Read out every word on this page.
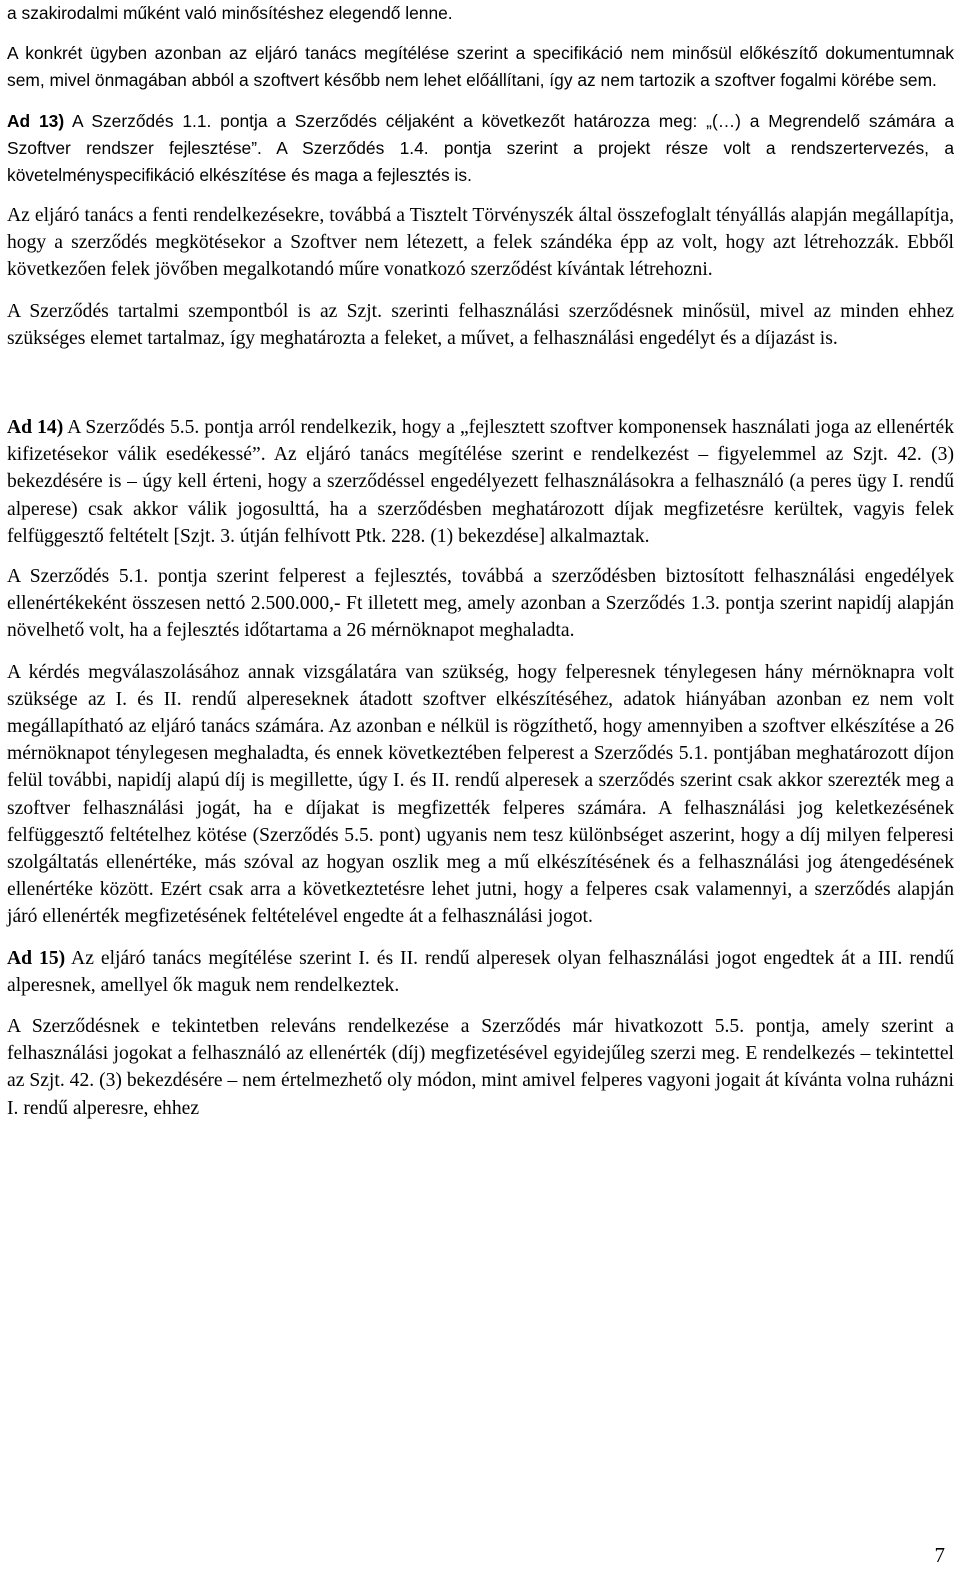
a szakirodalmi műként való minősítéshez elegendő lenne.

A konkrét ügyben azonban az eljáró tanács megítélése szerint a specifikáció nem minősül előkészítő dokumentumnak sem, mivel önmagában abból a szoftvert később nem lehet előállítani, így az nem tartozik a szoftver fogalmi körébe sem.

Ad 13) A Szerződés 1.1. pontja a Szerződés céljaként a következőt határozza meg: „(…) a Megrendelő számára a Szoftver rendszer fejlesztése”. A Szerződés 1.4. pontja szerint a projekt része volt a rendszertervezés, a követelményspecifikáció elkészítése és maga a fejlesztés is.

Az eljáró tanács a fenti rendelkezésekre, továbbá a Tisztelt Törvényszék által összefoglalt tényállás alapján megállapítja, hogy a szerződés megkötésekor a Szoftver nem létezett, a felek szándéka épp az volt, hogy azt létrehozzák. Ebből következően felek jövőben megalkotandó műre vonatkozó szerződést kívántak létrehozni.

A Szerződés tartalmi szempontból is az Szjt. szerinti felhasználási szerződésnek minősül, mivel az minden ehhez szükséges elemet tartalmaz, így meghatározta a feleket, a művet, a felhasználási engedélyt és a díjazást is.

Ad 14) A Szerződés 5.5. pontja arról rendelkezik, hogy a „fejlesztett szoftver komponensek használati joga az ellenérték kifizetésekor válik esedékessé”. Az eljáró tanács megítélése szerint e rendelkezést – figyelemmel az Szjt. 42. (3) bekezdésére is – úgy kell érteni, hogy a szerződéssel engedélyezett felhasználásokra a felhasználó (a peres ügy I. rendű alperese) csak akkor válik jogosulttá, ha a szerződésben meghatározott díjak megfizetésre kerültek, vagyis felek felfüggesztő feltételt [Szjt. 3. útján felhívott Ptk. 228. (1) bekezdése] alkalmaztak.

A Szerződés 5.1. pontja szerint felperest a fejlesztés, továbbá a szerződésben biztosított felhasználási engedélyek ellenértékeként összesen nettó 2.500.000,- Ft illetett meg, amely azonban a Szerződés 1.3. pontja szerint napidíj alapján növelhető volt, ha a fejlesztés időtartama a 26 mérnöknapot meghaladta.

A kérdés megválaszolásához annak vizsgálatára van szükség, hogy felperesnek ténylegesen hány mérnöknapra volt szüksége az I. és II. rendű alpereseknek átadott szoftver elkészítéséhez, adatok hiányában azonban ez nem volt megállapítható az eljáró tanács számára. Az azonban e nélkül is rögzíthető, hogy amennyiben a szoftver elkészítése a 26 mérnöknapot ténylegesen meghaladta, és ennek következtében felperest a Szerződés 5.1. pontjában meghatározott díjon felül további, napidíj alapú díj is megillette, úgy I. és II. rendű alperesek a szerződés szerint csak akkor szerezték meg a szoftver felhasználási jogát, ha e díjakat is megfizették felperes számára. A felhasználási jog keletkezésének felfüggesztő feltételhez kötése (Szerződés 5.5. pont) ugyanis nem tesz különbséget aszerint, hogy a díj milyen felperesi szolgáltatás ellenértéke, más szóval az hogyan oszlik meg a mű elkészítésének és a felhasználási jog átengedésének ellenértéke között. Ezért csak arra a következtetésre lehet jutni, hogy a felperes csak valamennyi, a szerződés alapján járó ellenérték megfizetésének feltételével engedte át a felhasználási jogot.

Ad 15) Az eljáró tanács megítélése szerint I. és II. rendű alperesek olyan felhasználási jogot engedtek át a III. rendű alperesnek, amellyel ők maguk nem rendelkeztek.

A Szerződésnek e tekintetben releváns rendelkezése a Szerződés már hivatkozott 5.5. pontja, amely szerint a felhasználási jogokat a felhasználó az ellenérték (díj) megfizetésével egyidejűleg szerzi meg. E rendelkezés – tekintettel az Szjt. 42. (3) bekezdésére – nem értelmezhető oly módon, mint amivel felperes vagyoni jogait át kívánta volna ruházni I. rendű alperesre, ehhez

7
